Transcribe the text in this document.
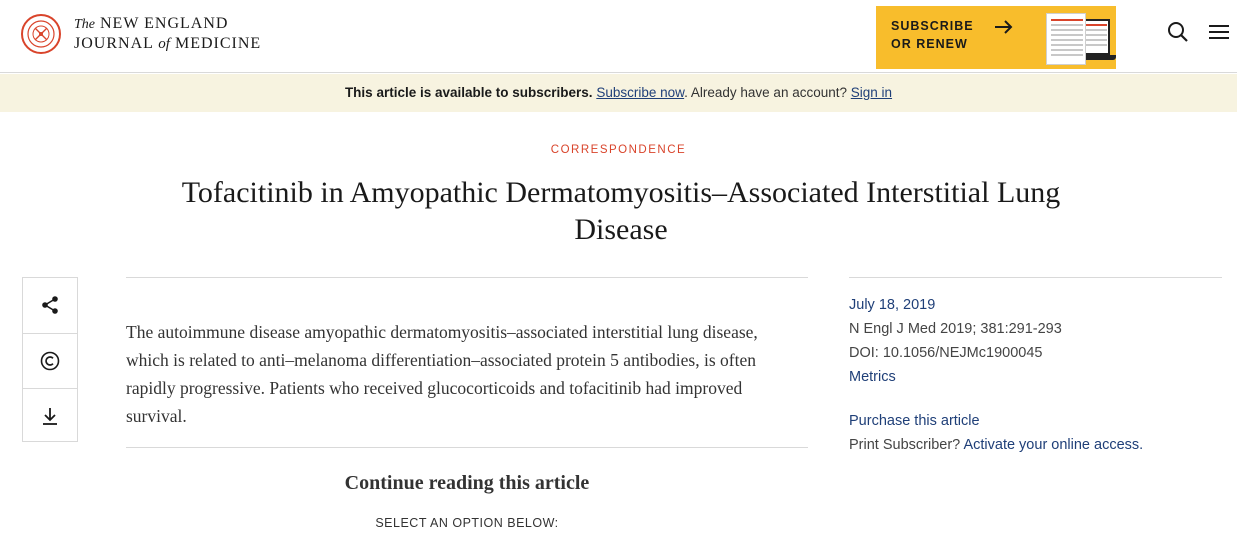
The NEW ENGLAND
JOURNAL of MEDICINE
SUBSCRIBE
OR RENEW
This article is available to subscribers. Subscribe now. Already have an account? Sign in
CORRESPONDENCE
Tofacitinib in Amyopathic Dermatomyositis–Associated Interstitial Lung Disease
The autoimmune disease amyopathic dermatomyositis–associated interstitial lung disease, which is related to anti–melanoma differentiation–associated protein 5 antibodies, is often rapidly progressive. Patients who received glucocorticoids and tofacitinib had improved survival.
Continue reading this article
SELECT AN OPTION BELOW:
July 18, 2019
N Engl J Med 2019; 381:291-293
DOI: 10.1056/NEJMc1900045
Metrics
Purchase this article
Print Subscriber? Activate your online access.
